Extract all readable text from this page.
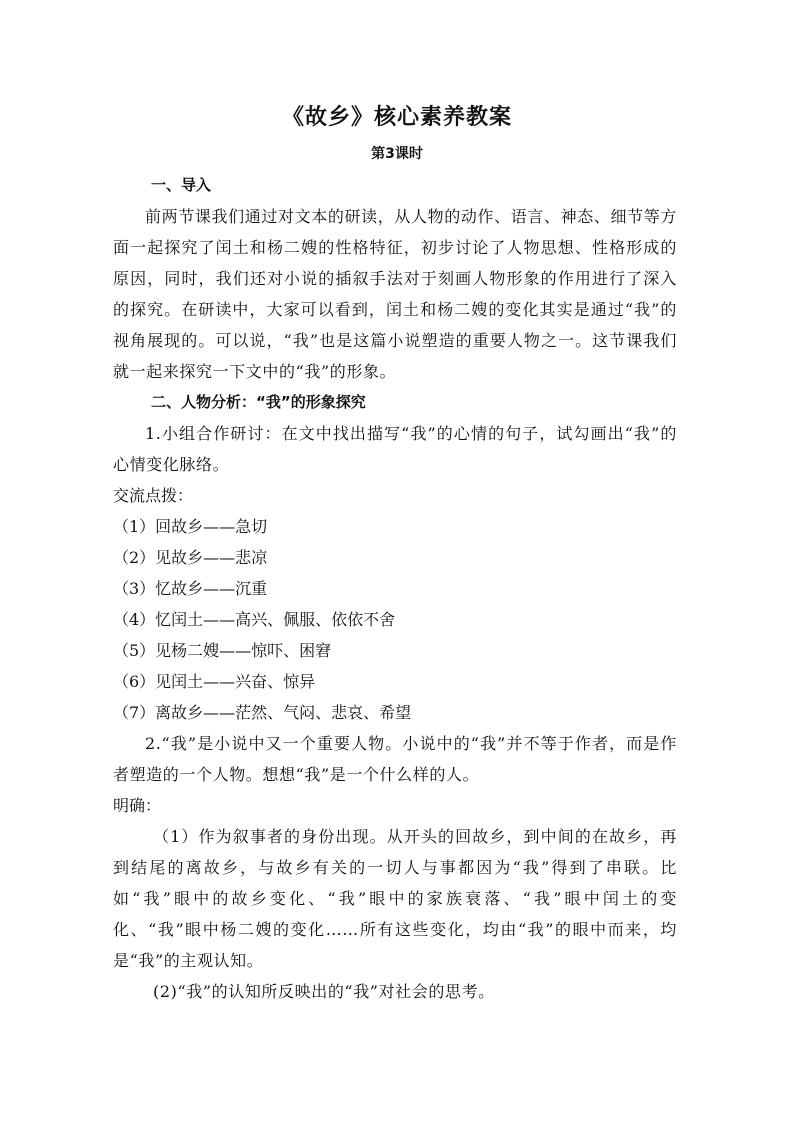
《故乡》核心素养教案
第3课时

一、导入

前两节课我们通过对文本的研读，从人物的动作、语言、神态、细节等方面一起探究了闰土和杨二嫂的性格特征，初步讨论了人物思想、性格形成的原因，同时，我们还对小说的插叙手法对于刻画人物形象的作用进行了深入的探究。在研读中，大家可以看到，闰土和杨二嫂的变化其实是通过“我”的视角展现的。可以说，“我”也是这篇小说塑造的重要人物之一。这节课我们就一起来探究一下文中的“我”的形象。

二、人物分析：“我”的形象探究

1.小组合作研讨：在文中找出描写“我”的心情的句子，试勾画出“我”的心情变化脉络。

交流点拨：

（1）回故乡——急切

（2）见故乡——悲凉

（3）忆故乡——沉重

（4）忆闰土——高兴、佩服、依依不舍

（5）见杨二嫂——惊吓、困窘

（6）见闰土——兴奋、惊异

（7）离故乡——茫然、气闷、悲哀、希望

2.“我”是小说中又一个重要人物。小说中的“我”并不等于作者，而是作者塑造的一个人物。想想“我”是一个什么样的人。

明确：

（1）作为叙事者的身份出现。从开头的回故乡，到中间的在故乡，再到结尾的离故乡，与故乡有关的一切人与事都因为“我”得到了串联。比如“我”眼中的故乡变化、“我”眼中的家族衰落、“我”眼中闰土的变化、“我”眼中杨二嫂的变化……所有这些变化，均由“我”的眼中而来，均是“我”的主观认知。

(2)“我”的认知所反映出的“我”对社会的思考。
